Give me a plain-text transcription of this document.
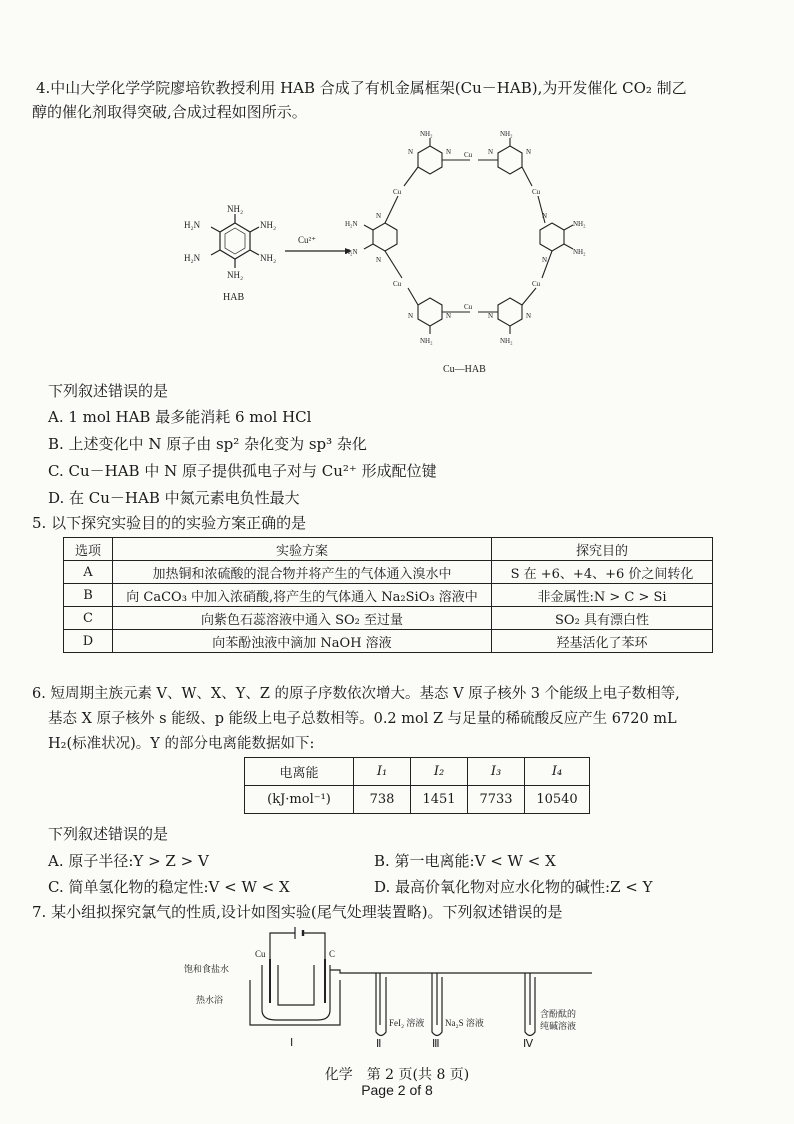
4.中山大学化学学院廖培钦教授利用 HAB 合成了有机金属框架(Cu－HAB),为开发催化 CO₂ 制乙
醇的催化剂取得突破,合成过程如图所示。
NH₂
NH₂
NH₂
NH₂
H₂N
H₂N
HAB
Cu²⁺
Cu
Cu
Cu
Cu
Cu
Cu
NH₂	NH₂
NH₂
NH₂
NH₂
NH₂
H₂N
H₂N
N	N	N	N
N	N	N	N
N	N
N	N
Cu—HAB
下列叙述错误的是
A. 1 mol HAB 最多能消耗 6 mol HCl
B. 上述变化中 N 原子由 sp² 杂化变为 sp³ 杂化
C. Cu－HAB 中 N 原子提供孤电子对与 Cu²⁺ 形成配位键
D. 在 Cu－HAB 中氮元素电负性最大
5. 以下探究实验目的的实验方案正确的是
选项	实验方案	探究目的
A	加热铜和浓硫酸的混合物并将产生的气体通入溴水中	S 在 +6、+4、+6 价之间转化
B	向 CaCO₃ 中加入浓硝酸,将产生的气体通入 Na₂SiO₃ 溶液中	非金属性:N > C > Si
C	向紫色石蕊溶液中通入 SO₂ 至过量	SO₂ 具有漂白性
D	向苯酚浊液中滴加 NaOH 溶液	羟基活化了苯环
6. 短周期主族元素 V、W、X、Y、Z 的原子序数依次增大。基态 V 原子核外 3 个能级上电子数相等,
基态 X 原子核外 s 能级、p 能级上电子总数相等。0.2 mol Z 与足量的稀硫酸反应产生 6720 mL
H₂(标准状况)。Y 的部分电离能数据如下:
电离能	I₁	I₂	I₃	I₄
(kJ·mol⁻¹)	738	1451	7733	10540
下列叙述错误的是
A. 原子半径:Y > Z > V	B. 第一电离能:V < W < X
C. 简单氢化物的稳定性:V < W < X	D. 最高价氧化物对应水化物的碱性:Z < Y
7. 某小组拟探究氯气的性质,设计如图实验(尾气处理装置略)。下列叙述错误的是
Cu	C
饱和食盐水
热水浴
FeI₂ 溶液 Na₂S 溶液
含酚酞的
纯碱溶液
Ⅰ	Ⅱ	Ⅲ	Ⅳ
化学　第 2 页(共 8 页)
Page 2 of 8
